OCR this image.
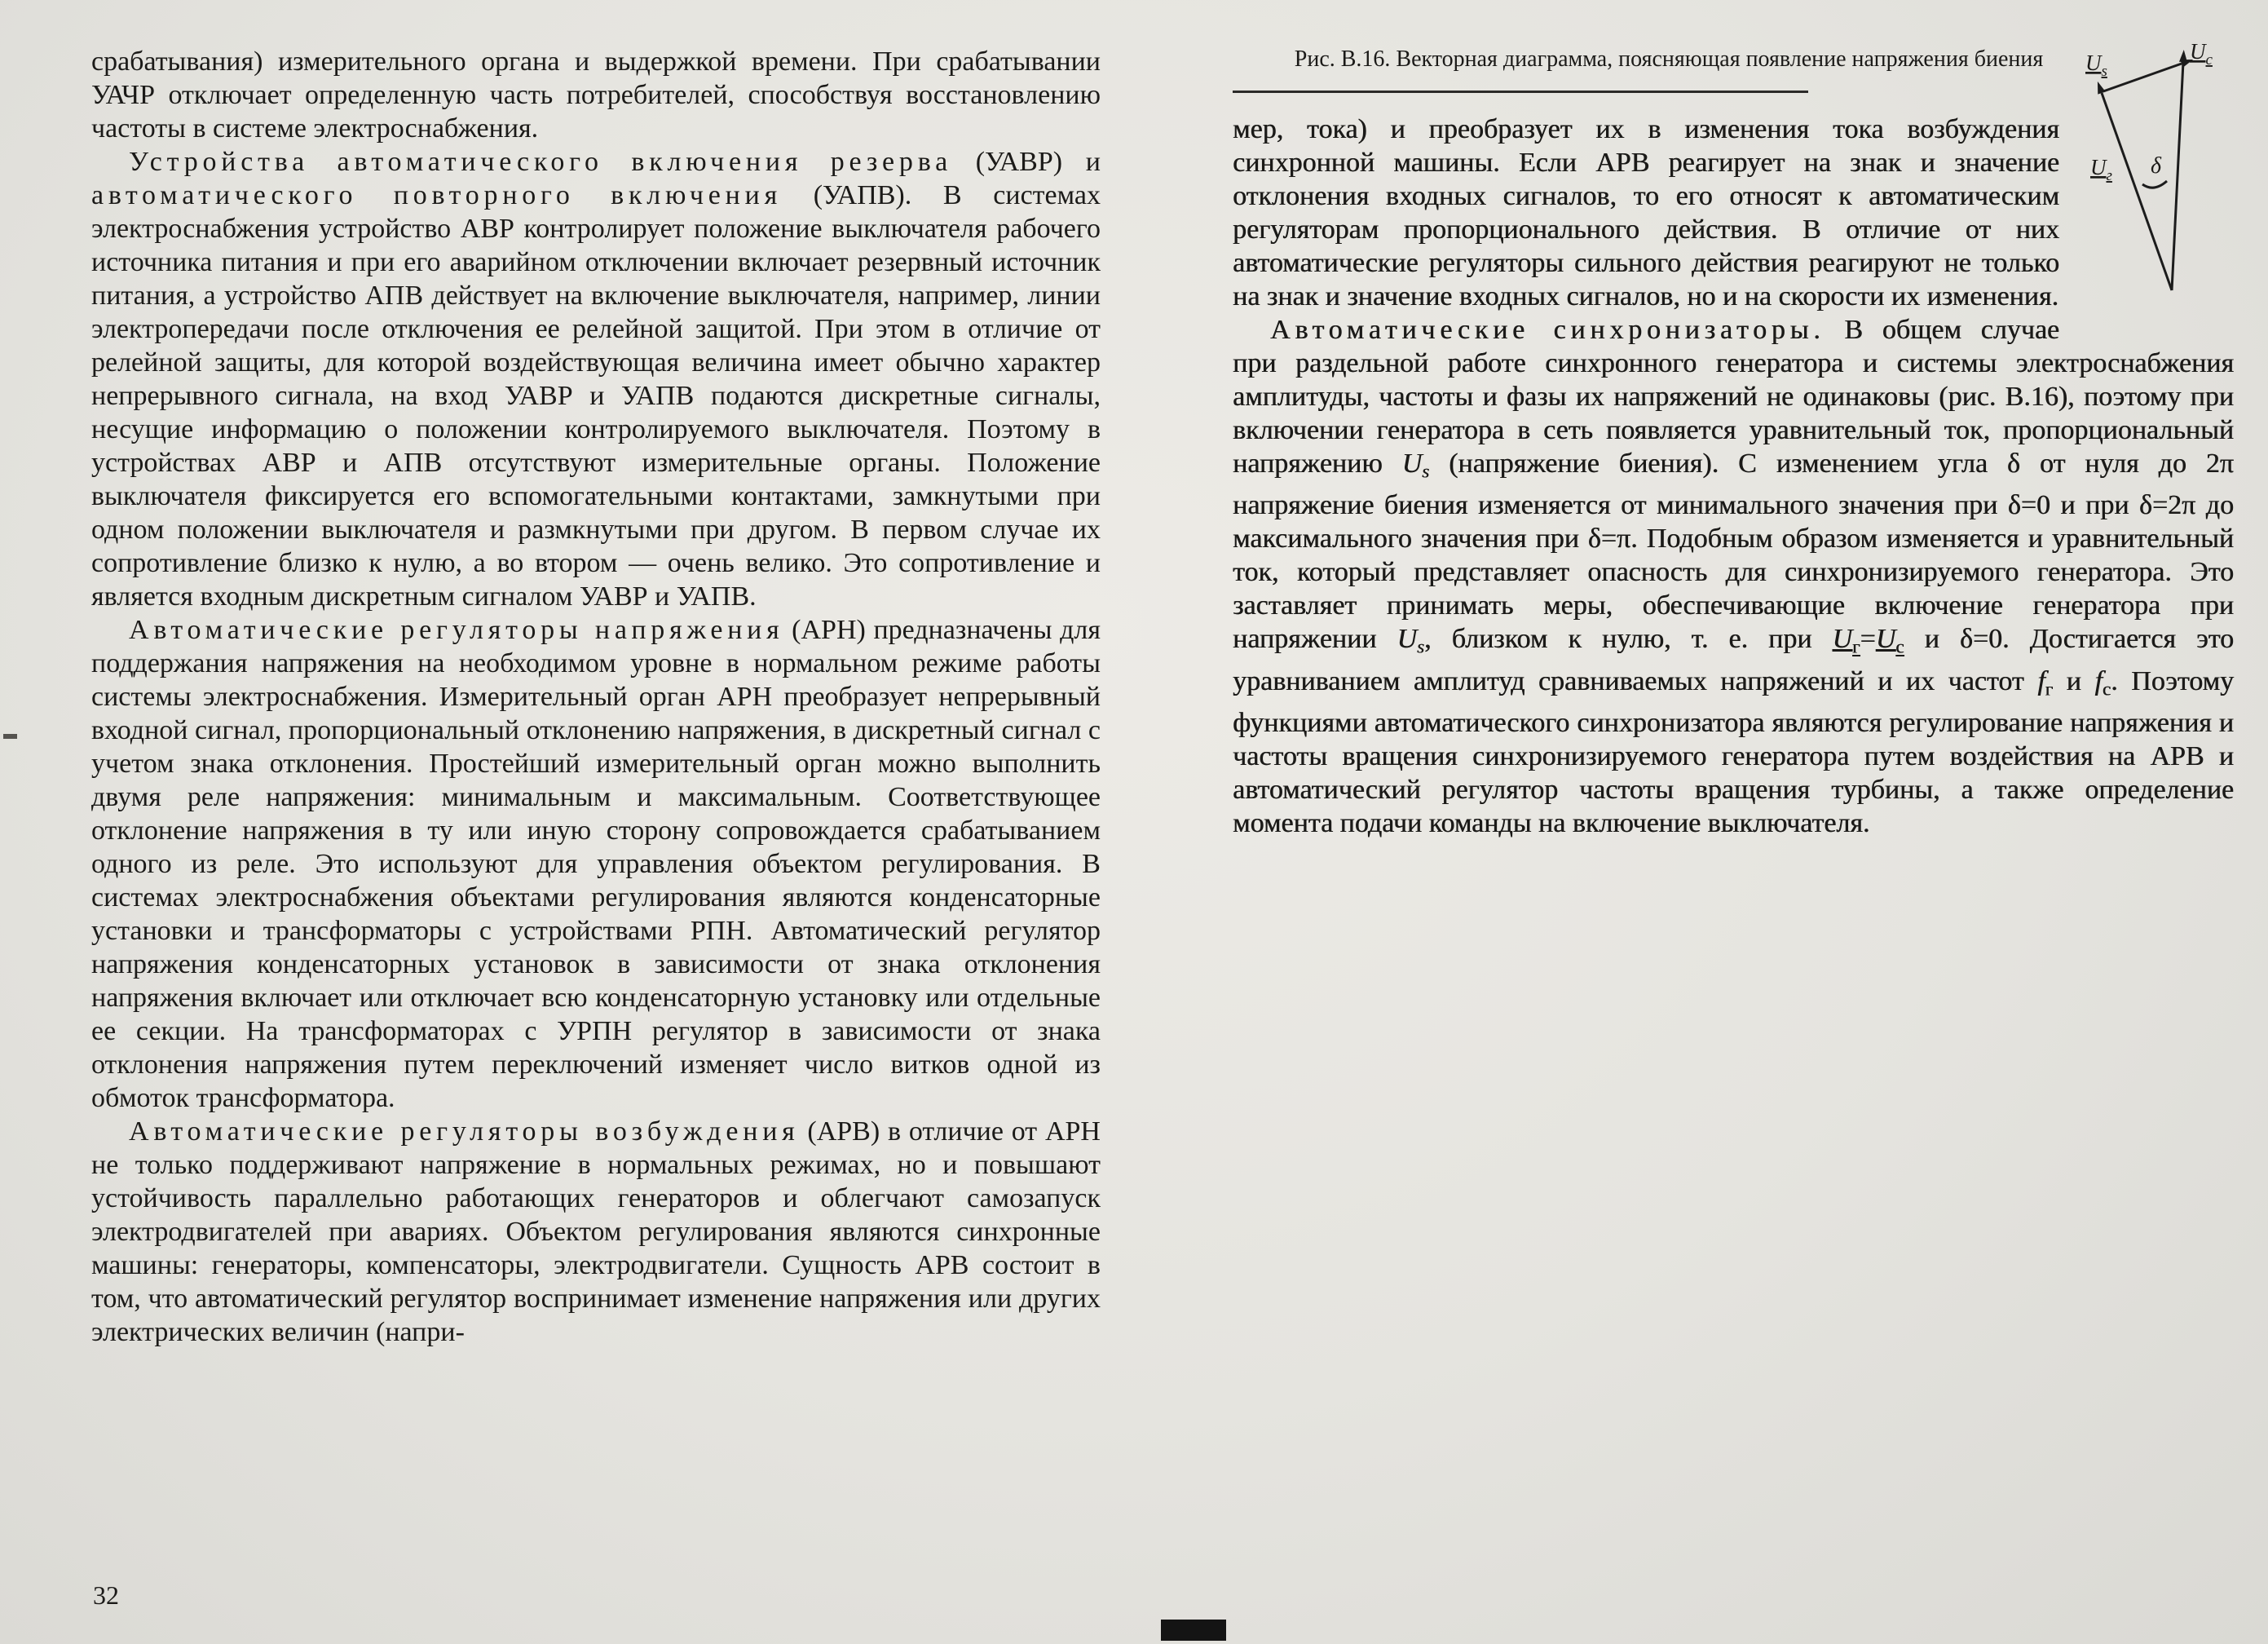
срабатывания) измерительного органа и выдержкой времени. При срабатывании УАЧР отключает определенную часть потребителей, способствуя восстановлению частоты в системе электроснабжения.

Устройства автоматического включения резерва (УАВР) и автоматического повторного включения (УАПВ). В системах электроснабжения устройство АВР контролирует положение выключателя рабочего источника питания и при его аварийном отключении включает резервный источник питания, а устройство АПВ действует на включение выключателя, например, линии электропередачи после отключения ее релейной защитой. При этом в отличие от релейной защиты, для которой воздействующая величина имеет обычно характер непрерывного сигнала, на вход УАВР и УАПВ подаются дискретные сигналы, несущие информацию о положении контролируемого выключателя. Поэтому в устройствах АВР и АПВ отсутствуют измерительные органы. Положение выключателя фиксируется его вспомогательными контактами, замкнутыми при одном положении выключателя и размкнутыми при другом. В первом случае их сопротивление близко к нулю, а во втором — очень велико. Это сопротивление и является входным дискретным сигналом УАВР и УАПВ.

Автоматические регуляторы напряжения (АРН) предназначены для поддержания напряжения на необходимом уровне в нормальном режиме работы системы электроснабжения. Измерительный орган АРН преобразует непрерывный входной сигнал, пропорциональный отклонению напряжения, в дискретный сигнал с учетом знака отклонения. Простейший измерительный орган можно выполнить двумя реле напряжения: минимальным и максимальным. Соответствующее отклонение напряжения в ту или иную сторону сопровождается срабатыванием одного из реле. Это используют для управления объектом регулирования. В системах электроснабжения объектами регулирования являются конденсаторные установки и трансформаторы с устройствами РПН. Автоматический регулятор напряжения конденсаторных установок в зависимости от знака отклонения напряжения включает или отключает всю конденсаторную установку или отдельные ее секции. На трансформаторах с УРПН регулятор в зависимости от знака отклонения напряжения путем переключений изменяет число витков одной из обмоток трансформатора.

Автоматические регуляторы возбуждения (АРВ) в отличие от АРН не только поддерживают напряжение в нормальных режимах, но и повышают устойчивость параллельно работающих генераторов и облегчают самозапуск электродвигателей при авариях. Объектом регулирования являются синхронные машины: генераторы, компенсаторы, электродвигатели. Сущность АРВ состоит в том, что автоматический регулятор воспринимает изменение напряжения или других электрических величин (напри-

$U_s$
$U_c$
$U_г$ δ
Рис. В.16. Векторная диаграмма, поясняющая появление напряжения биения

мер, тока) и преобразует их в изменения тока возбуждения синхронной машины. Если АРВ реагирует на знак и значение отклонения входных сигналов, то его относят к автоматическим регуляторам пропорционального действия. В отличие от них автоматические регуляторы сильного действия реагируют не только на знак и значение входных сигналов, но и на скорости их изменения.

Автоматические синхронизаторы. В общем случае при раздельной работе синхронного генератора и системы электроснабжения амплитуды, частоты и фазы их напряжений не одинаковы (рис. В.16), поэтому при включении генератора в сеть появляется уравнительный ток, пропорциональный напряжению $U_s$ (напряжение биения). С изменением угла δ от нуля до 2π напряжение биения изменяется от минимального значения при δ=0 и при δ=2π до максимального значения при δ=π. Подобным образом изменяется и уравнительный ток, который представляет опасность для синхронизируемого генератора. Это заставляет принимать меры, обеспечивающие включение генератора при напряжении $U_s$, близком к нулю, т. е. при $U_г=U_с$ и δ=0. Достигается это уравниванием амплитуд сравниваемых напряжений и их частот $f_г$ и $f_с$. Поэтому функциями автоматического синхронизатора являются регулирование напряжения и частоты вращения синхронизируемого генератора путем воздействия на АРВ и автоматический регулятор частоты вращения турбины, а также определение момента подачи команды на включение выключателя.

32
